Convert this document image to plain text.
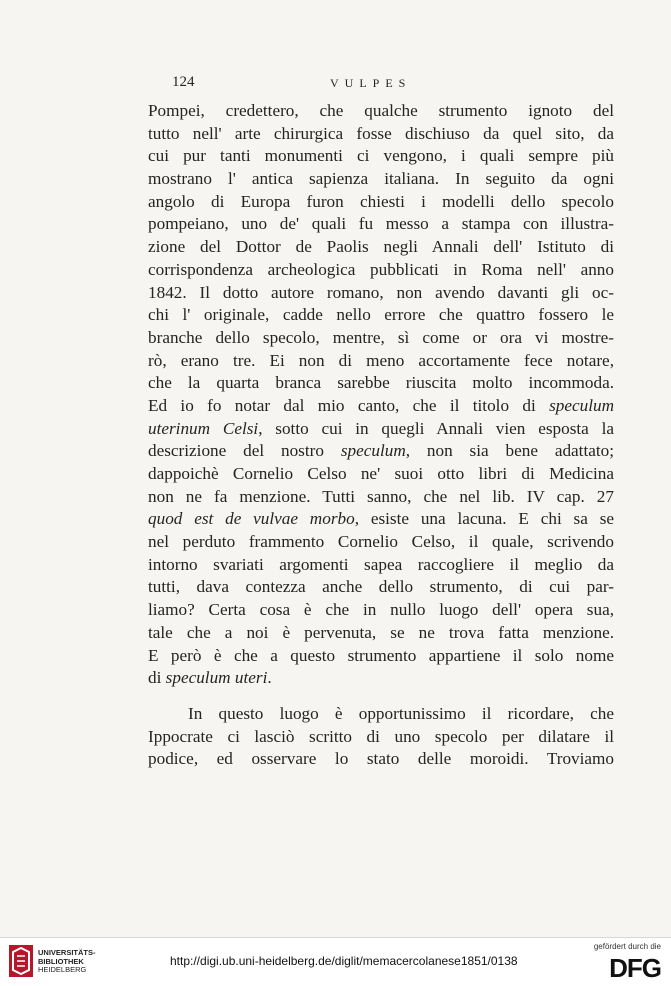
124	VULPES
Pompei, credettero, che qualche strumento ignoto del
tutto nell' arte chirurgica fosse dischiuso da quel sito, da
cui pur tanti monumenti ci vengono, i quali sempre più
mostrano l' antica sapienza italiana. In seguito da ogni
angolo di Europa furon chiesti i modelli dello specolo
pompeiano, uno de' quali fu messo a stampa con illustra-
zione del Dottor de Paolis negli Annali dell' Istituto di
corrispondenza archeologica pubblicati in Roma nell' anno
1842. Il dotto autore romano, non avendo davanti gli oc-
chi l' originale, cadde nello errore che quattro fossero le
branche dello specolo, mentre, sì come or ora vi mostre-
rò, erano tre. Ei non di meno accortamente fece notare,
che la quarta branca sarebbe riuscita molto incommoda.
Ed io fo notar dal mio canto, che il titolo di speculum
uterinum Celsi, sotto cui in quegli Annali vien esposta la
descrizione del nostro speculum, non sia bene adattato;
dappoichè Cornelio Celso ne' suoi otto libri di Medicina
non ne fa menzione. Tutti sanno, che nel lib. IV cap. 27
quod est de vulvae morbo, esiste una lacuna. E chi sa se
nel perduto frammento Cornelio Celso, il quale, scrivendo
intorno svariati argomenti sapea raccogliere il meglio da
tutti, dava contezza anche dello strumento, di cui par-
liamo? Certa cosa è che in nullo luogo dell' opera sua,
tale che a noi è pervenuta, se ne trova fatta menzione.
E però è che a questo strumento appartiene il solo nome
di speculum uteri.
In questo luogo è opportunissimo il ricordare, che
Ippocrate ci lasciò scritto di uno specolo per dilatare il
podice, ed osservare lo stato delle moroidi. Troviamo
UNIVERSITÄTS-
BIBLIOTHEK
HEIDELBERG
http://digi.ub.uni-heidelberg.de/diglit/memacercolanese1851/0138
gefördert durch die
DFG
